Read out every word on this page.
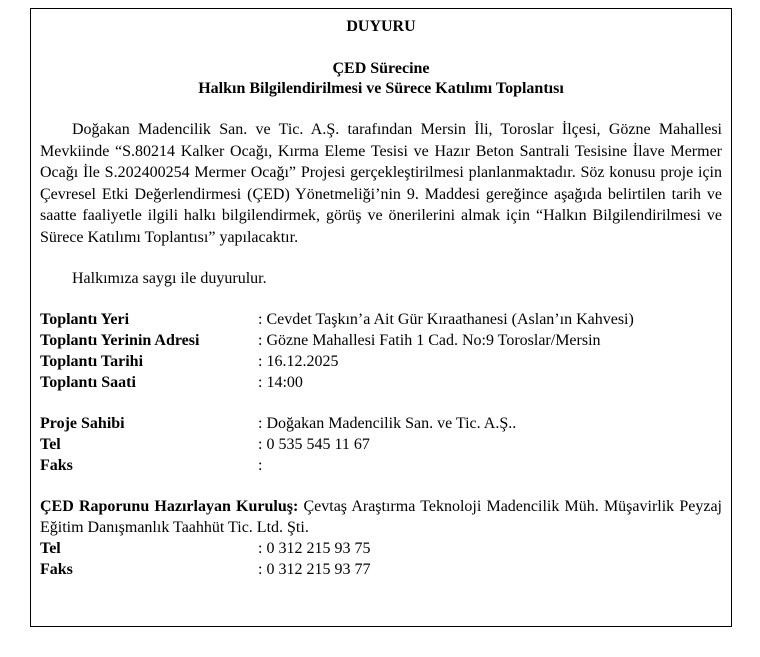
DUYURU

ÇED Sürecine
Halkın Bilgilendirilmesi ve Sürece Katılımı Toplantısı

Doğakan Madencilik San. ve Tic. A.Ş. tarafından Mersin İli, Toroslar İlçesi, Gözne Mahallesi Mevkiinde “S.80214 Kalker Ocağı, Kırma Eleme Tesisi ve Hazır Beton Santrali Tesisine İlave Mermer Ocağı İle S.202400254 Mermer Ocağı” Projesi gerçekleştirilmesi planlanmaktadır. Söz konusu proje için Çevresel Etki Değerlendirmesi (ÇED) Yönetmeliği’nin 9. Maddesi gereğince aşağıda belirtilen tarih ve saatte faaliyetle ilgili halkı bilgilendirmek, görüş ve önerilerini almak için “Halkın Bilgilendirilmesi ve Sürece Katılımı Toplantısı” yapılacaktır.

Halkımıza saygı ile duyurulur.

Toplantı Yeri	: Cevdet Taşkın’a Ait Gür Kıraathanesi (Aslan’ın Kahvesi)
Toplantı Yerinin Adresi	: Gözne Mahallesi Fatih 1 Cad. No:9 Toroslar/Mersin
Toplantı Tarihi	: 16.12.2025
Toplantı Saati	: 14:00
Proje Sahibi	: Doğakan Madencilik San. ve Tic. A.Ş..
Tel	: 0 535 545 11 67
Faks	:

ÇED Raporunu Hazırlayan Kuruluş: Çevtaş Araştırma Teknoloji Madencilik Müh. Müşavirlik Peyzaj Eğitim Danışmanlık Taahhüt Tic. Ltd. Şti.

Tel	: 0 312 215 93 75
Faks	: 0 312 215 93 77
